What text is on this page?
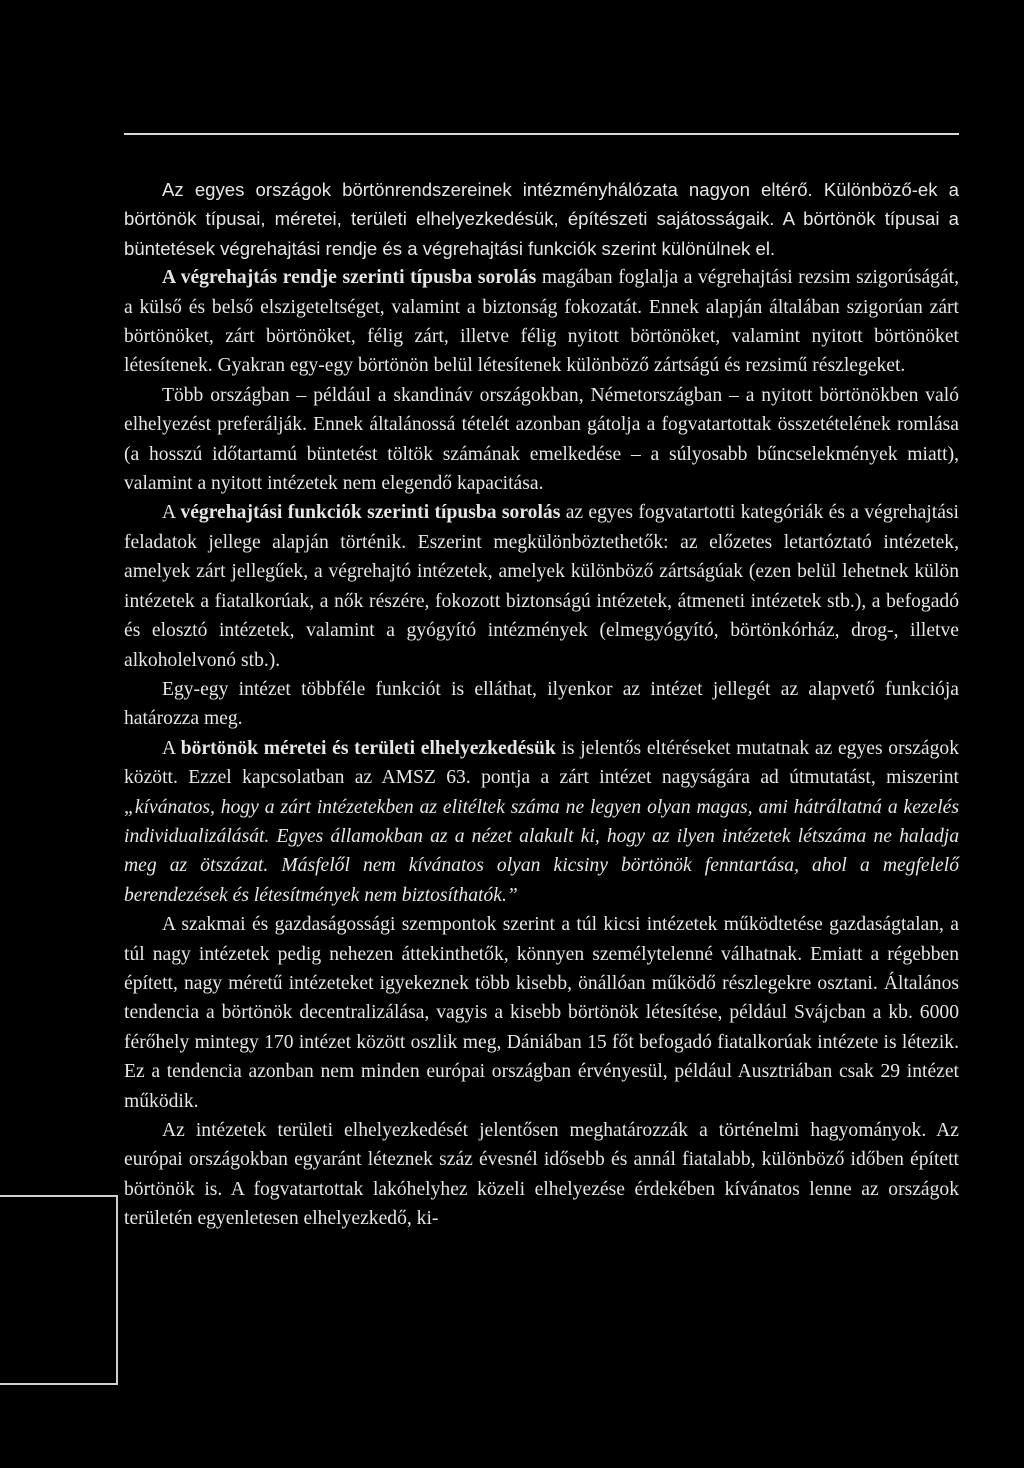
Az egyes országok börtönrendszereinek intézményhálózata nagyon eltérő. Különböző-ek a börtönök típusai, méretei, területi elhelyezkedésük, építészeti sajátosságaik. A börtönök típusai a büntetések végrehajtási rendje és a végrehajtási funkciók szerint különülnek el.

A végrehajtás rendje szerinti típusba sorolás magában foglalja a végrehajtási rezsim szigorúságát, a külső és belső elszigeteltséget, valamint a biztonság fokozatát. Ennek alapján általában szigorúan zárt börtönöket, zárt börtönöket, félig zárt, illetve félig nyitott börtönöket, valamint nyitott börtönöket létesítenek. Gyakran egy-egy börtönön belül létesítenek különböző zártságú és rezsimű részlegeket.

Több országban – például a skandináv országokban, Németországban – a nyitott börtönökben való elhelyezést preferálják. Ennek általánossá tételét azonban gátolja a fogvatartottak összetételének romlása (a hosszú időtartamú büntetést töltök számának emelkedése – a súlyosabb bűncselekmények miatt), valamint a nyitott intézetek nem elegendő kapacitása.

A végrehajtási funkciók szerinti típusba sorolás az egyes fogvatartotti kategóriák és a végrehajtási feladatok jellege alapján történik. Eszerint megkülönböztethetők: az előzetes letartóztató intézetek, amelyek zárt jellegűek, a végrehajtó intézetek, amelyek különböző zártságúak (ezen belül lehetnek külön intézetek a fiatalkorúak, a nők részére, fokozott biztonságú intézetek, átmeneti intézetek stb.), a befogadó és elosztó intézetek, valamint a gyógyító intézmények (elmegyógyító, börtönkórház, drog-, illetve alkoholelvonó stb.).

Egy-egy intézet többféle funkciót is elláthat, ilyenkor az intézet jellegét az alapvető funkciója határozza meg.

A börtönök méretei és területi elhelyezkedésük is jelentős eltéréseket mutatnak az egyes országok között. Ezzel kapcsolatban az AMSZ 63. pontja a zárt intézet nagyságára ad útmutatást, miszerint „kívánatos, hogy a zárt intézetekben az elitéltek száma ne legyen olyan magas, ami hátráltatná a kezelés individualizálását. Egyes államokban az a nézet alakult ki, hogy az ilyen intézetek létszáma ne haladja meg az ötszázat. Másfelől nem kívánatos olyan kicsiny börtönök fenntartása, ahol a megfelelő berendezések és létesítmények nem biztosíthatók.”

A szakmai és gazdaságossági szempontok szerint a túl kicsi intézetek működtetése gazdaságtalan, a túl nagy intézetek pedig nehezen áttekinthetők, könnyen személytelenné válhatnak. Emiatt a régebben épített, nagy méretű intézeteket igyekeznek több kisebb, önállóan működő részlegekre osztani. Általános tendencia a börtönök decentralizálása, vagyis a kisebb börtönök létesítése, például Svájcban a kb. 6000 férőhely mintegy 170 intézet között oszlik meg, Dániában 15 főt befogadó fiatalkorúak intézete is létezik. Ez a tendencia azonban nem minden európai országban érvényesül, például Ausztriában csak 29 intézet működik.

Az intézetek területi elhelyezkedését jelentősen meghatározzák a történelmi hagyományok. Az európai országokban egyaránt léteznek száz évesnél idősebb és annál fiatalabb, különböző időben épített börtönök is. A fogvatartottak lakóhelyhez közeli elhelyezése érdekében kívánatos lenne az országok területén egyenletesen elhelyezkedő, ki-
